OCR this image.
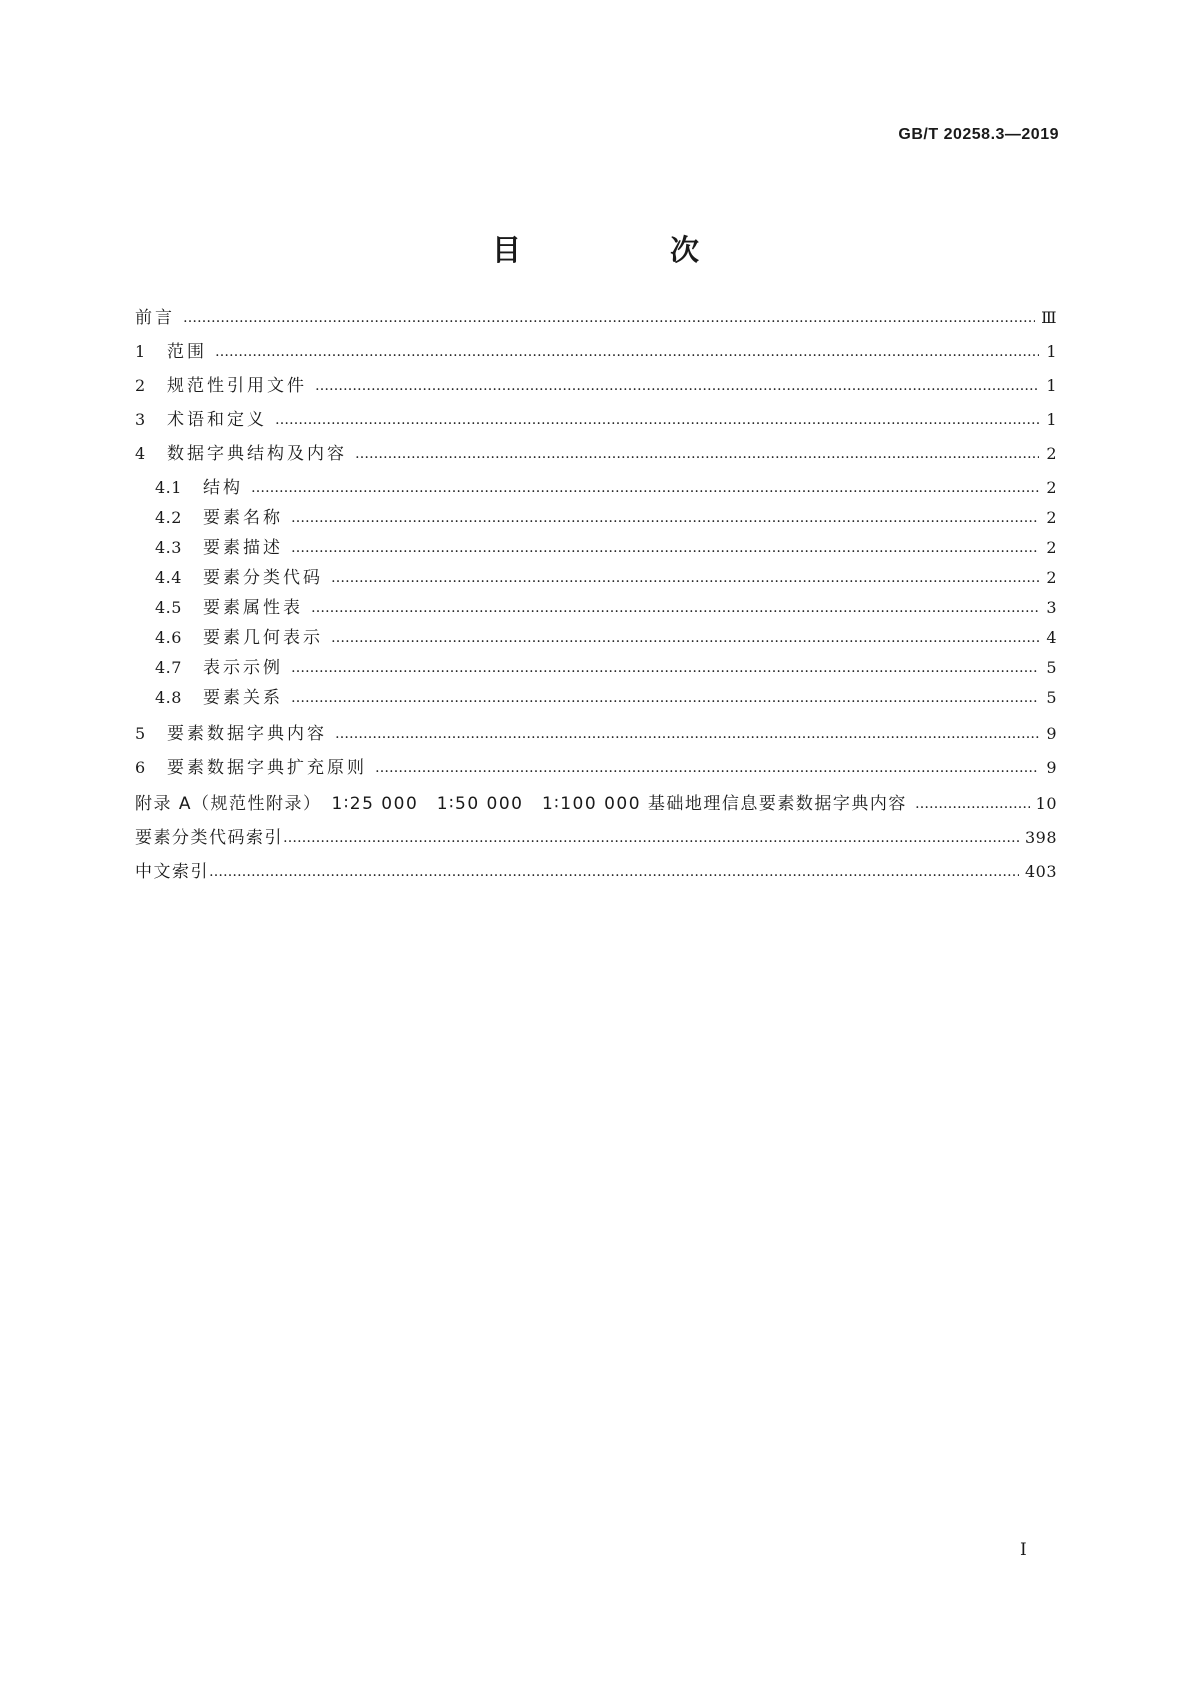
GB/T 20258.3—2019
目　次
前言 …………………………………………………………………………………………………………………………………………………………………………………………………………………	Ⅲ
1	范围 …………………………………………………………………………………………………………………………………………………………………………………………………………………	1
2	规范性引用文件 …………………………………………………………………………………………………………………………………………………………………………………………………………………	1
3	术语和定义 …………………………………………………………………………………………………………………………………………………………………………………………………………………	1
4	数据字典结构及内容 …………………………………………………………………………………………………………………………………………………………………………………………………………………	2
4.1	结构 …………………………………………………………………………………………………………………………………………………………………………………………………………………	2
4.2	要素名称 …………………………………………………………………………………………………………………………………………………………………………………………………………………	2
4.3	要素描述 …………………………………………………………………………………………………………………………………………………………………………………………………………………	2
4.4	要素分类代码 …………………………………………………………………………………………………………………………………………………………………………………………………………………	2
4.5	要素属性表 …………………………………………………………………………………………………………………………………………………………………………………………………………………	3
4.6	要素几何表示 …………………………………………………………………………………………………………………………………………………………………………………………………………………	4
4.7	表示示例 …………………………………………………………………………………………………………………………………………………………………………………………………………………	5
4.8	要素关系 …………………………………………………………………………………………………………………………………………………………………………………………………………………	5
5	要素数据字典内容 …………………………………………………………………………………………………………………………………………………………………………………………………………………	9
6	要素数据字典扩充原则 …………………………………………………………………………………………………………………………………………………………………………………………………………………	9
附录 A（规范性附录）　1∶25 000　1∶50 000　1∶100 000 基础地理信息要素数据字典内容 …………………………………………………………………………………………………………………………………………………………………………………………………………………	10
要素分类代码索引 …………………………………………………………………………………………………………………………………………………………………………………………………………………	398
中文索引 …………………………………………………………………………………………………………………………………………………………………………………………………………………	403
Ⅰ
